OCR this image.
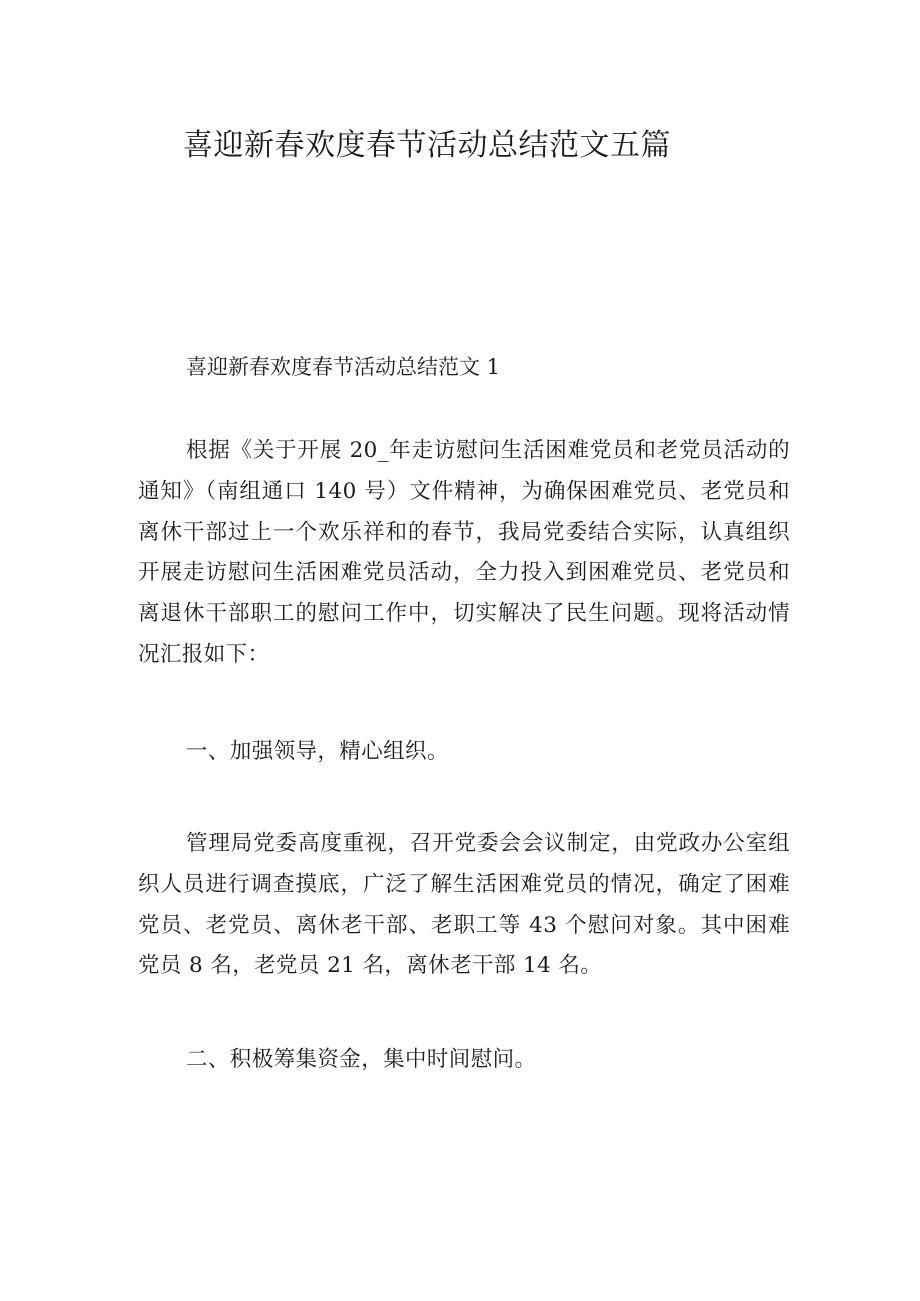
喜迎新春欢度春节活动总结范文五篇

喜迎新春欢度春节活动总结范文 1

根据《关于开展 20_年走访慰问生活困难党员和老党员活动的通知》（南组通口 140 号）文件精神，为确保困难党员、老党员和离休干部过上一个欢乐祥和的春节，我局党委结合实际，认真组织开展走访慰问生活困难党员活动，全力投入到困难党员、老党员和离退休干部职工的慰问工作中，切实解决了民生问题。现将活动情况汇报如下：

一、加强领导，精心组织。

管理局党委高度重视，召开党委会会议制定，由党政办公室组织人员进行调查摸底，广泛了解生活困难党员的情况，确定了困难党员、老党员、离休老干部、老职工等 43 个慰问对象。其中困难党员 8 名，老党员 21 名，离休老干部 14 名。

二、积极筹集资金，集中时间慰问。
